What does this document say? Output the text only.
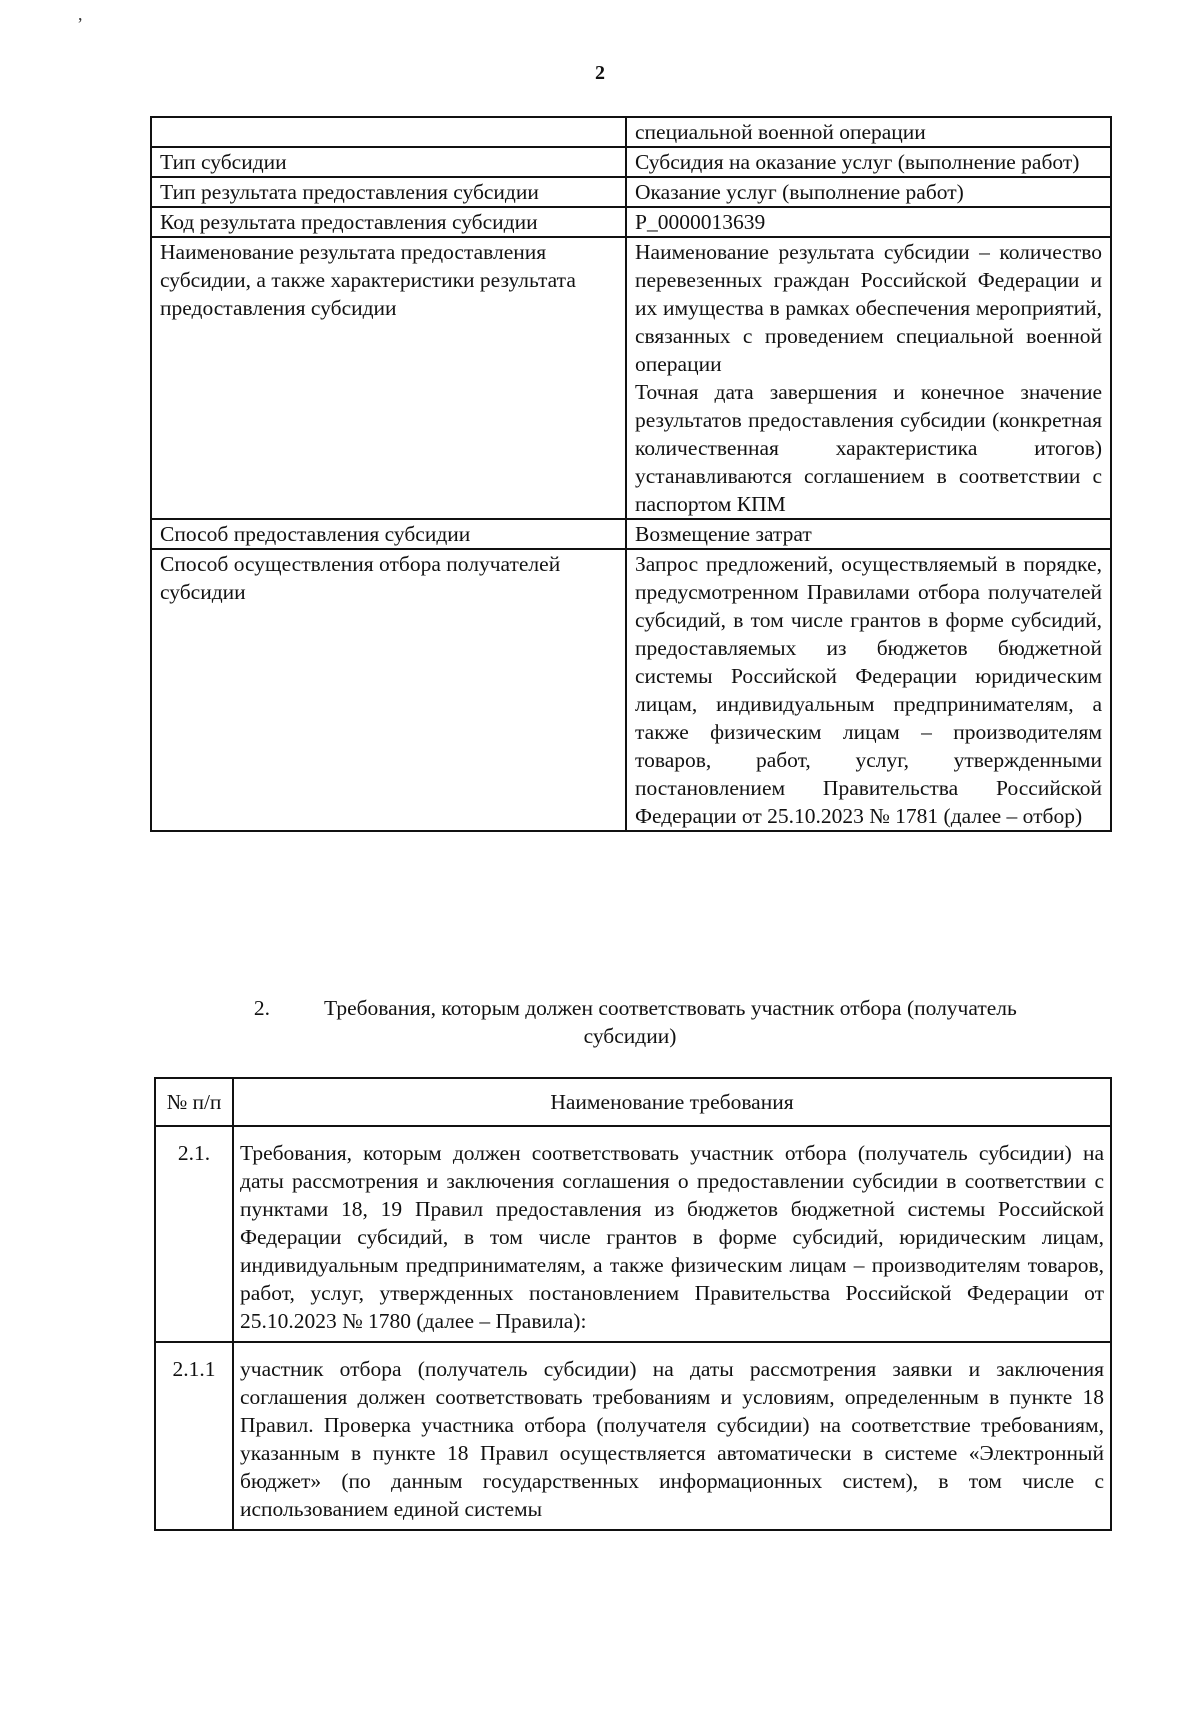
,
2
	специальной военной операции
Тип субсидии	Субсидия на оказание услуг (выполнение работ)
Тип результата предоставления субсидии	Оказание услуг (выполнение работ)
Код результата предоставления субсидии	P_0000013639
Наименование результата предоставления субсидии, а также характеристики результата предоставления субсидии	Наименование результата субсидии – количество перевезенных граждан Российской Федерации и их имущества в рамках обеспечения мероприятий, связанных с проведением специальной военной операции
Точная дата завершения и конечное значение результатов предоставления субсидии (конкретная количественная характеристика итогов) устанавливаются соглашением в соответствии с паспортом КПМ

Способ предоставления субсидии	Возмещение затрат
Способ осуществления отбора получателей субсидии	Запрос предложений, осуществляемый в порядке, предусмотренном Правилами отбора получателей субсидий, в том числе грантов в форме субсидий, предоставляемых из бюджетов бюджетной системы Российской Федерации юридическим лицам, индивидуальным предпринимателям, а также физическим лицам – производителям товаров, работ, услуг, утвержденными постановлением Правительства Российской Федерации от 25.10.2023 № 1781 (далее – отбор)
2.	Требования, которым должен соответствовать участник отбора (получатель
субсидии)
№ п/п	Наименование требования
2.1.	Требования, которым должен соответствовать участник отбора (получатель субсидии) на даты рассмотрения и заключения соглашения о предоставлении субсидии в соответствии с пунктами 18, 19 Правил предоставления из бюджетов бюджетной системы Российской Федерации субсидий, в том числе грантов в форме субсидий, юридическим лицам, индивидуальным предпринимателям, а также физическим лицам – производителям товаров, работ, услуг, утвержденных постановлением Правительства Российской Федерации от 25.10.2023 № 1780 (далее – Правила):
2.1.1	участник отбора (получатель субсидии) на даты рассмотрения заявки и заключения соглашения должен соответствовать требованиям и условиям, определенным в пункте 18 Правил. Проверка участника отбора (получателя субсидии) на соответствие требованиям, указанным в пункте 18 Правил осуществляется автоматически в системе «Электронный бюджет» (по данным государственных информационных систем), в том числе с использованием единой системы
